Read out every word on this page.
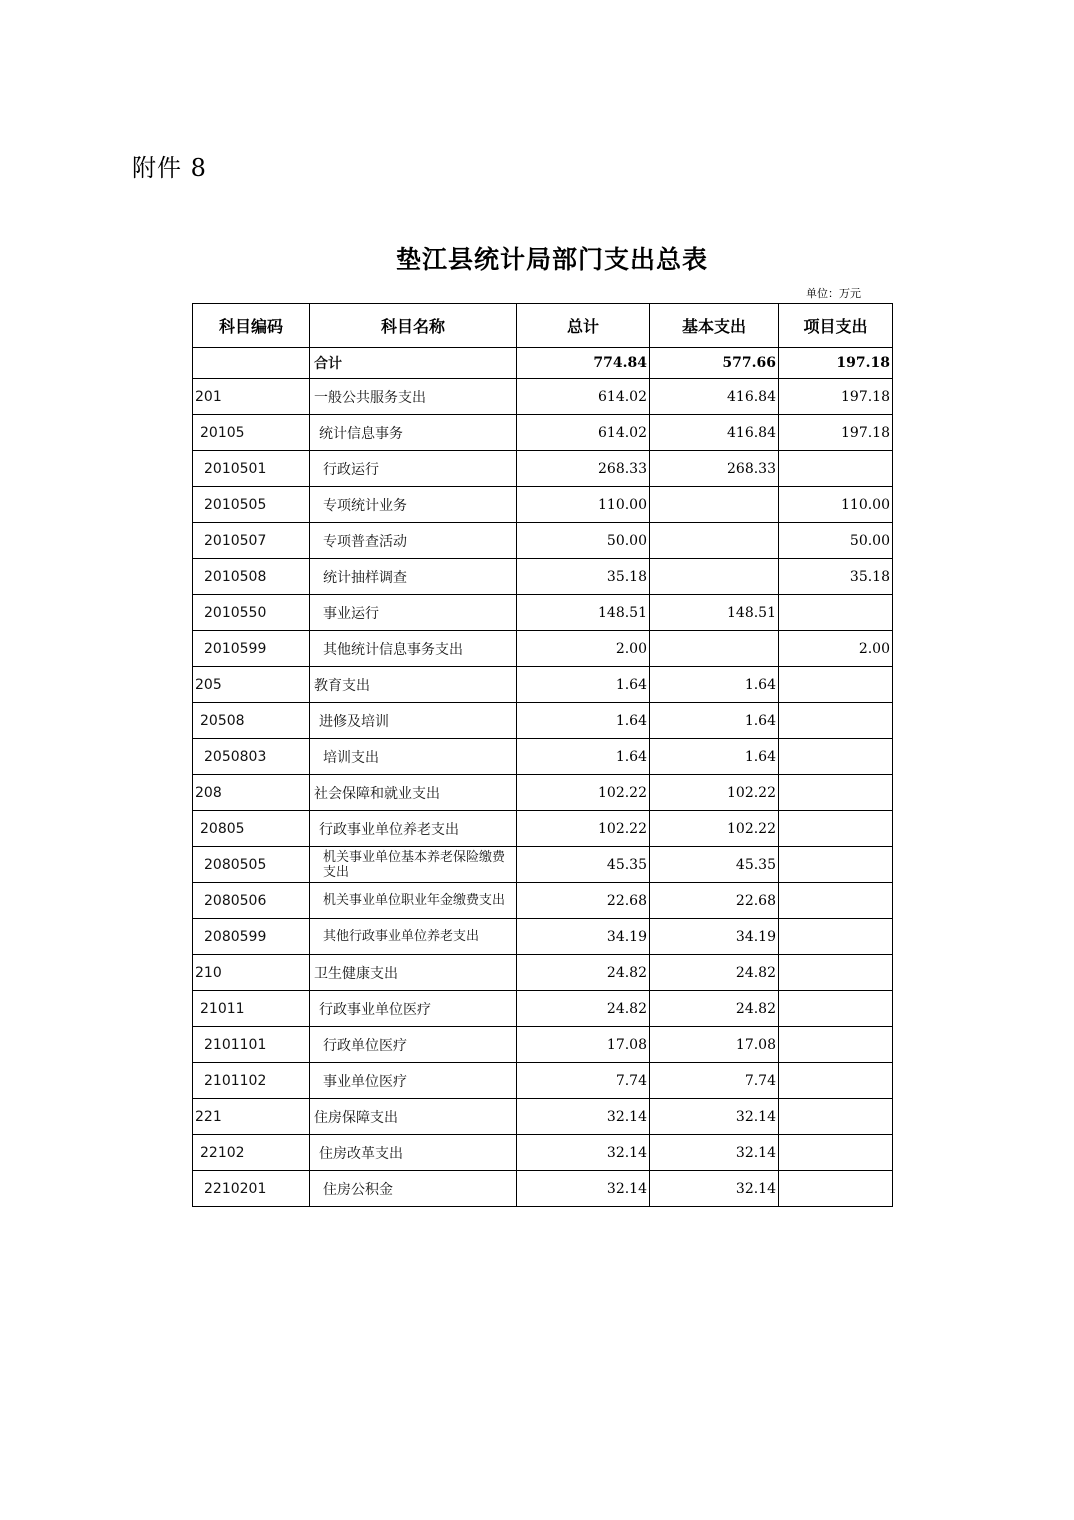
附件 8
垫江县统计局部门支出总表
单位：万元
科目编码	科目名称	总计	基本支出	项目支出
	合计	774.84	577.66	197.18
201	一般公共服务支出	614.02	416.84	197.18
20105	统计信息事务	614.02	416.84	197.18
2010501	行政运行	268.33	268.33	
2010505	专项统计业务	110.00		110.00
2010507	专项普查活动	50.00		50.00
2010508	统计抽样调查	35.18		35.18
2010550	事业运行	148.51	148.51	
2010599	其他统计信息事务支出	2.00		2.00
205	教育支出	1.64	1.64	
20508	进修及培训	1.64	1.64	
2050803	培训支出	1.64	1.64	
208	社会保障和就业支出	102.22	102.22	
20805	行政事业单位养老支出	102.22	102.22	
2080505	机关事业单位基本养老保险缴费支出	45.35	45.35	
2080506	机关事业单位职业年金缴费支出	22.68	22.68	
2080599	其他行政事业单位养老支出	34.19	34.19	
210	卫生健康支出	24.82	24.82	
21011	行政事业单位医疗	24.82	24.82	
2101101	行政单位医疗	17.08	17.08	
2101102	事业单位医疗	7.74	7.74	
221	住房保障支出	32.14	32.14	
22102	住房改革支出	32.14	32.14	
2210201	住房公积金	32.14	32.14	
